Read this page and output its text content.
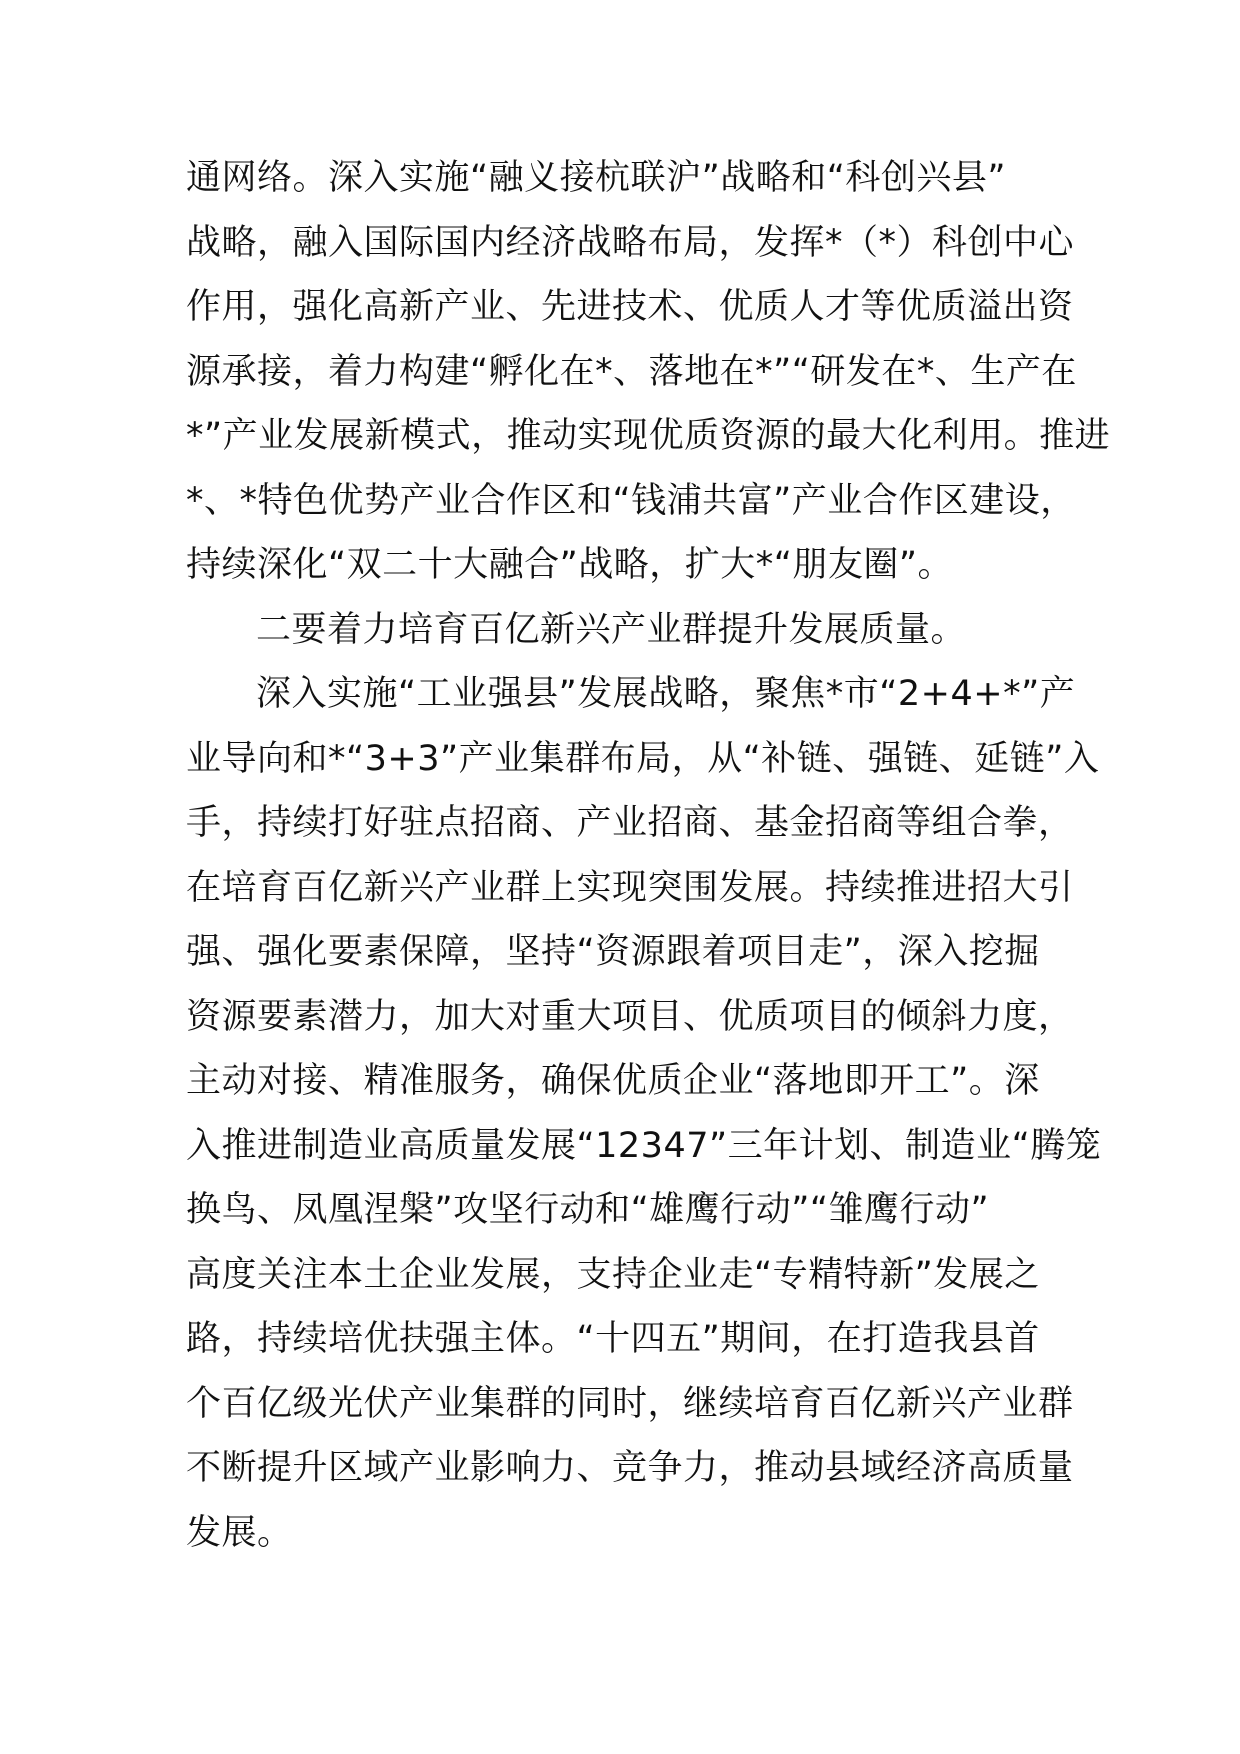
通网络。深入实施“融义接杭联沪”战略和“科创兴县”
战略，融入国际国内经济战略布局，发挥*（*）科创中心
作用，强化高新产业、先进技术、优质人才等优质溢出资
源承接，着力构建“孵化在*、落地在*”“研发在*、生产在
*”产业发展新模式，推动实现优质资源的最大化利用。推进
*、*特色优势产业合作区和“钱浦共富”产业合作区建设，
持续深化“双二十大融合”战略，扩大*“朋友圈”。
二要着力培育百亿新兴产业群提升发展质量。
深入实施“工业强县”发展战略，聚焦*市“2+4+*”产
业导向和*“3+3”产业集群布局，从“补链、强链、延链”入
手，持续打好驻点招商、产业招商、基金招商等组合拳，
在培育百亿新兴产业群上实现突围发展。持续推进招大引
强、强化要素保障，坚持“资源跟着项目走”，深入挖掘
资源要素潜力，加大对重大项目、优质项目的倾斜力度，
主动对接、精准服务，确保优质企业“落地即开工”。深
入推进制造业高质量发展“12347”三年计划、制造业“腾笼
换鸟、凤凰涅槃”攻坚行动和“雄鹰行动”“雏鹰行动”
高度关注本土企业发展，支持企业走“专精特新”发展之
路，持续培优扶强主体。“十四五”期间，在打造我县首
个百亿级光伏产业集群的同时，继续培育百亿新兴产业群
不断提升区域产业影响力、竞争力，推动县域经济高质量
发展。
